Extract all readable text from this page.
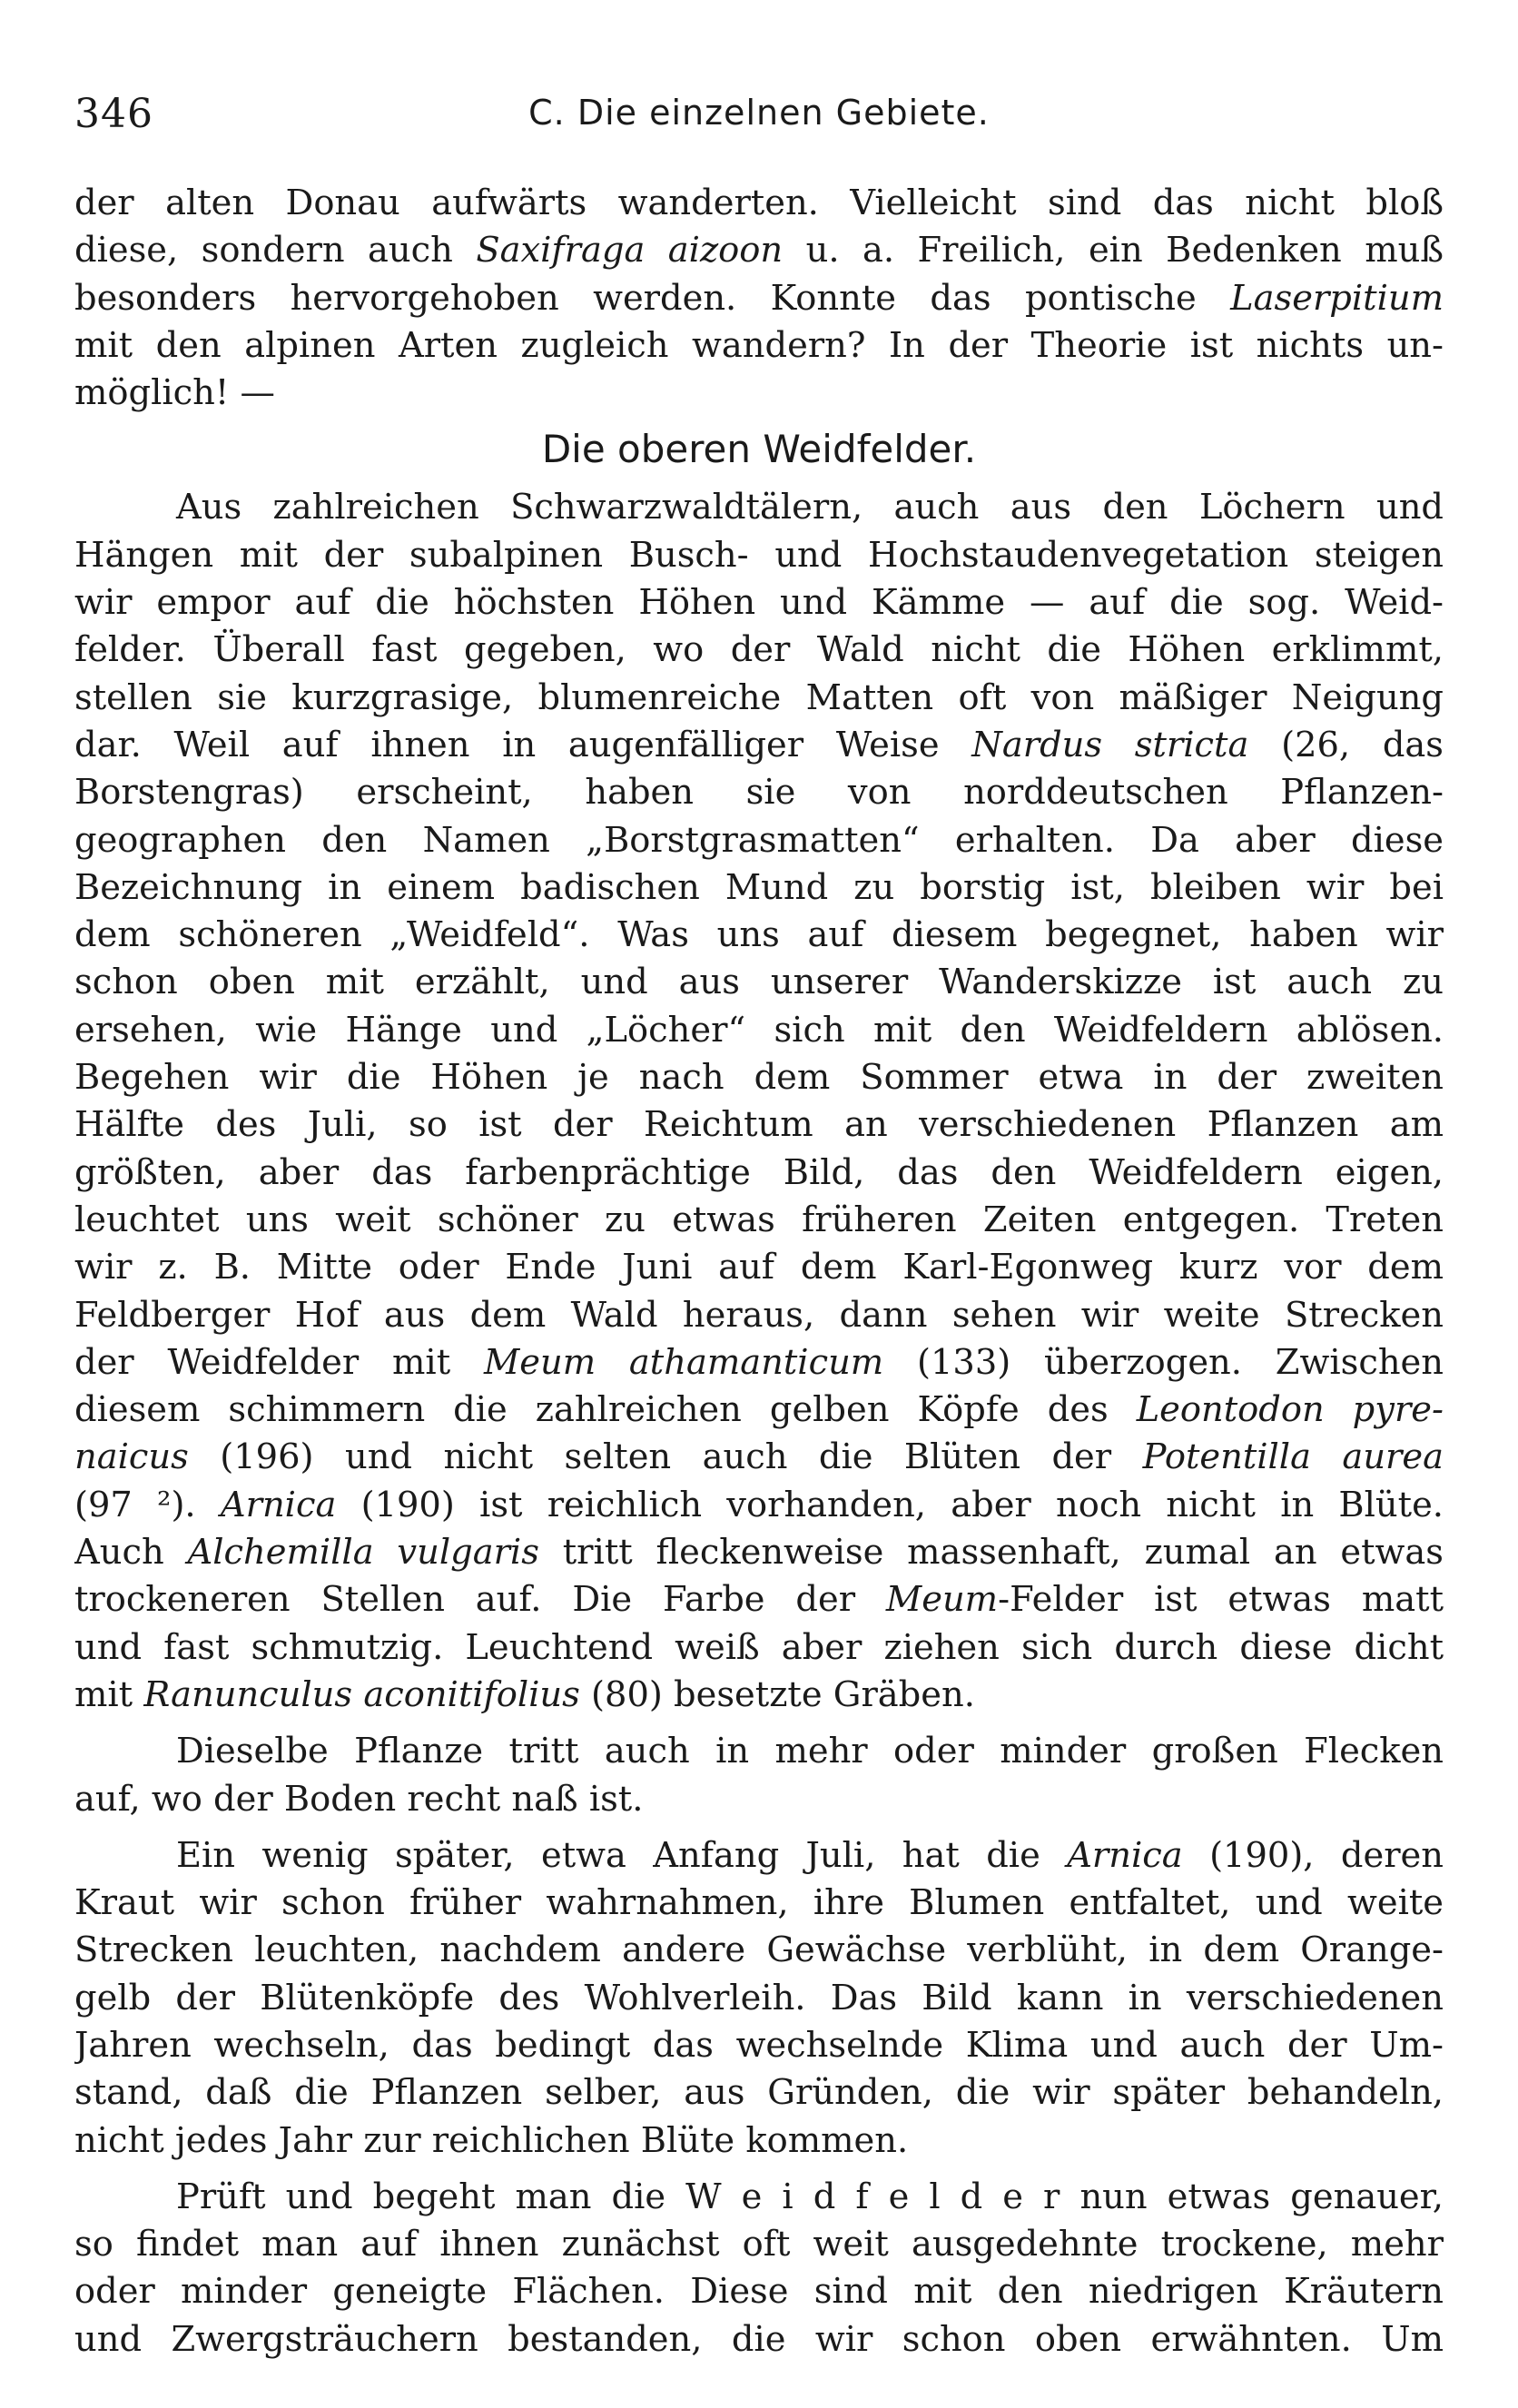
346	C. Die einzelnen Gebiete.
der alten Donau aufwärts wanderten. Vielleicht sind das nicht bloß
diese, sondern auch Saxifraga aizoon u. a. Freilich, ein Bedenken muß
besonders hervorgehoben werden. Konnte das pontische Laserpitium
mit den alpinen Arten zugleich wandern? In der Theorie ist nichts un-
möglich! —
Die oberen Weidfelder.
Aus zahlreichen Schwarzwaldtälern, auch aus den Löchern und
Hängen mit der subalpinen Busch- und Hochstaudenvegetation steigen
wir empor auf die höchsten Höhen und Kämme — auf die sog. Weid-
felder. Überall fast gegeben, wo der Wald nicht die Höhen erklimmt,
stellen sie kurzgrasige, blumenreiche Matten oft von mäßiger Neigung
dar. Weil auf ihnen in augenfälliger Weise Nardus stricta (26, das
Borstengras) erscheint, haben sie von norddeutschen Pflanzen-
geographen den Namen „Borstgrasmatten“ erhalten. Da aber diese
Bezeichnung in einem badischen Mund zu borstig ist, bleiben wir bei
dem schöneren „Weidfeld“. Was uns auf diesem begegnet, haben wir
schon oben mit erzählt, und aus unserer Wanderskizze ist auch zu
ersehen, wie Hänge und „Löcher“ sich mit den Weidfeldern ablösen.
Begehen wir die Höhen je nach dem Sommer etwa in der zweiten
Hälfte des Juli, so ist der Reichtum an verschiedenen Pflanzen am
größten, aber das farbenprächtige Bild, das den Weidfeldern eigen,
leuchtet uns weit schöner zu etwas früheren Zeiten entgegen. Treten
wir z. B. Mitte oder Ende Juni auf dem Karl-Egonweg kurz vor dem
Feldberger Hof aus dem Wald heraus, dann sehen wir weite Strecken
der Weidfelder mit Meum athamanticum (133) überzogen. Zwischen
diesem schimmern die zahlreichen gelben Köpfe des Leontodon pyre-
naicus (196) und nicht selten auch die Blüten der Potentilla aurea
(97 ²). Arnica (190) ist reichlich vorhanden, aber noch nicht in Blüte.
Auch Alchemilla vulgaris tritt fleckenweise massenhaft, zumal an etwas
trockeneren Stellen auf. Die Farbe der Meum-Felder ist etwas matt
und fast schmutzig. Leuchtend weiß aber ziehen sich durch diese dicht
mit Ranunculus aconitifolius (80) besetzte Gräben.
Dieselbe Pflanze tritt auch in mehr oder minder großen Flecken
auf, wo der Boden recht naß ist.
Ein wenig später, etwa Anfang Juli, hat die Arnica (190), deren
Kraut wir schon früher wahrnahmen, ihre Blumen entfaltet, und weite
Strecken leuchten, nachdem andere Gewächse verblüht, in dem Orange-
gelb der Blütenköpfe des Wohlverleih. Das Bild kann in verschiedenen
Jahren wechseln, das bedingt das wechselnde Klima und auch der Um-
stand, daß die Pflanzen selber, aus Gründen, die wir später behandeln,
nicht jedes Jahr zur reichlichen Blüte kommen.
Prüft und begeht man die W e i d f e l d e r nun etwas genauer,
so findet man auf ihnen zunächst oft weit ausgedehnte trockene, mehr
oder minder geneigte Flächen. Diese sind mit den niedrigen Kräutern
und Zwergsträuchern bestanden, die wir schon oben erwähnten. Um
